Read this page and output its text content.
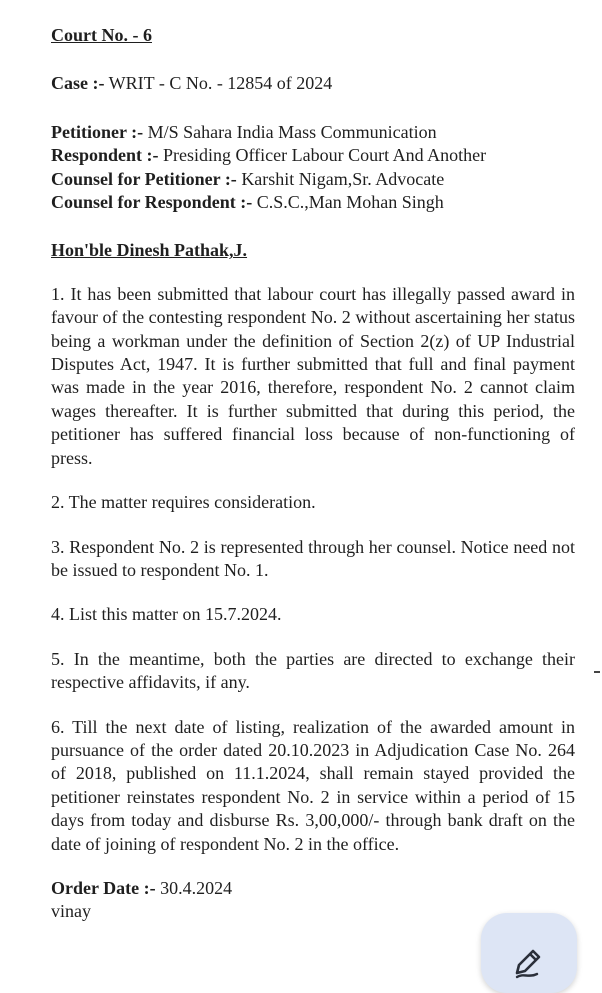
Court No. - 6
Case :- WRIT - C No. - 12854 of 2024
Petitioner :- M/S Sahara India Mass Communication
Respondent :- Presiding Officer Labour Court And Another
Counsel for Petitioner :- Karshit Nigam,Sr. Advocate
Counsel for Respondent :- C.S.C.,Man Mohan Singh
Hon'ble Dinesh Pathak,J.
1. It has been submitted that labour court has illegally passed award in favour of the contesting respondent No. 2 without ascertaining her status being a workman under the definition of Section 2(z) of UP Industrial Disputes Act, 1947. It is further submitted that full and final payment was made in the year 2016, therefore, respondent No. 2 cannot claim wages thereafter. It is further submitted that during this period, the petitioner has suffered financial loss because of non-functioning of press.
2. The matter requires consideration.
3. Respondent No. 2 is represented through her counsel. Notice need not be issued to respondent No. 1.
4. List this matter on 15.7.2024.
5. In the meantime, both the parties are directed to exchange their respective affidavits, if any.
6. Till the next date of listing, realization of the awarded amount in pursuance of the order dated 20.10.2023 in Adjudication Case No. 264 of 2018, published on 11.1.2024, shall remain stayed provided the petitioner reinstates respondent No. 2 in service within a period of 15 days from today and disburse Rs. 3,00,000/- through bank draft on the date of joining of respondent No. 2 in the office.
Order Date :- 30.4.2024
vinay
